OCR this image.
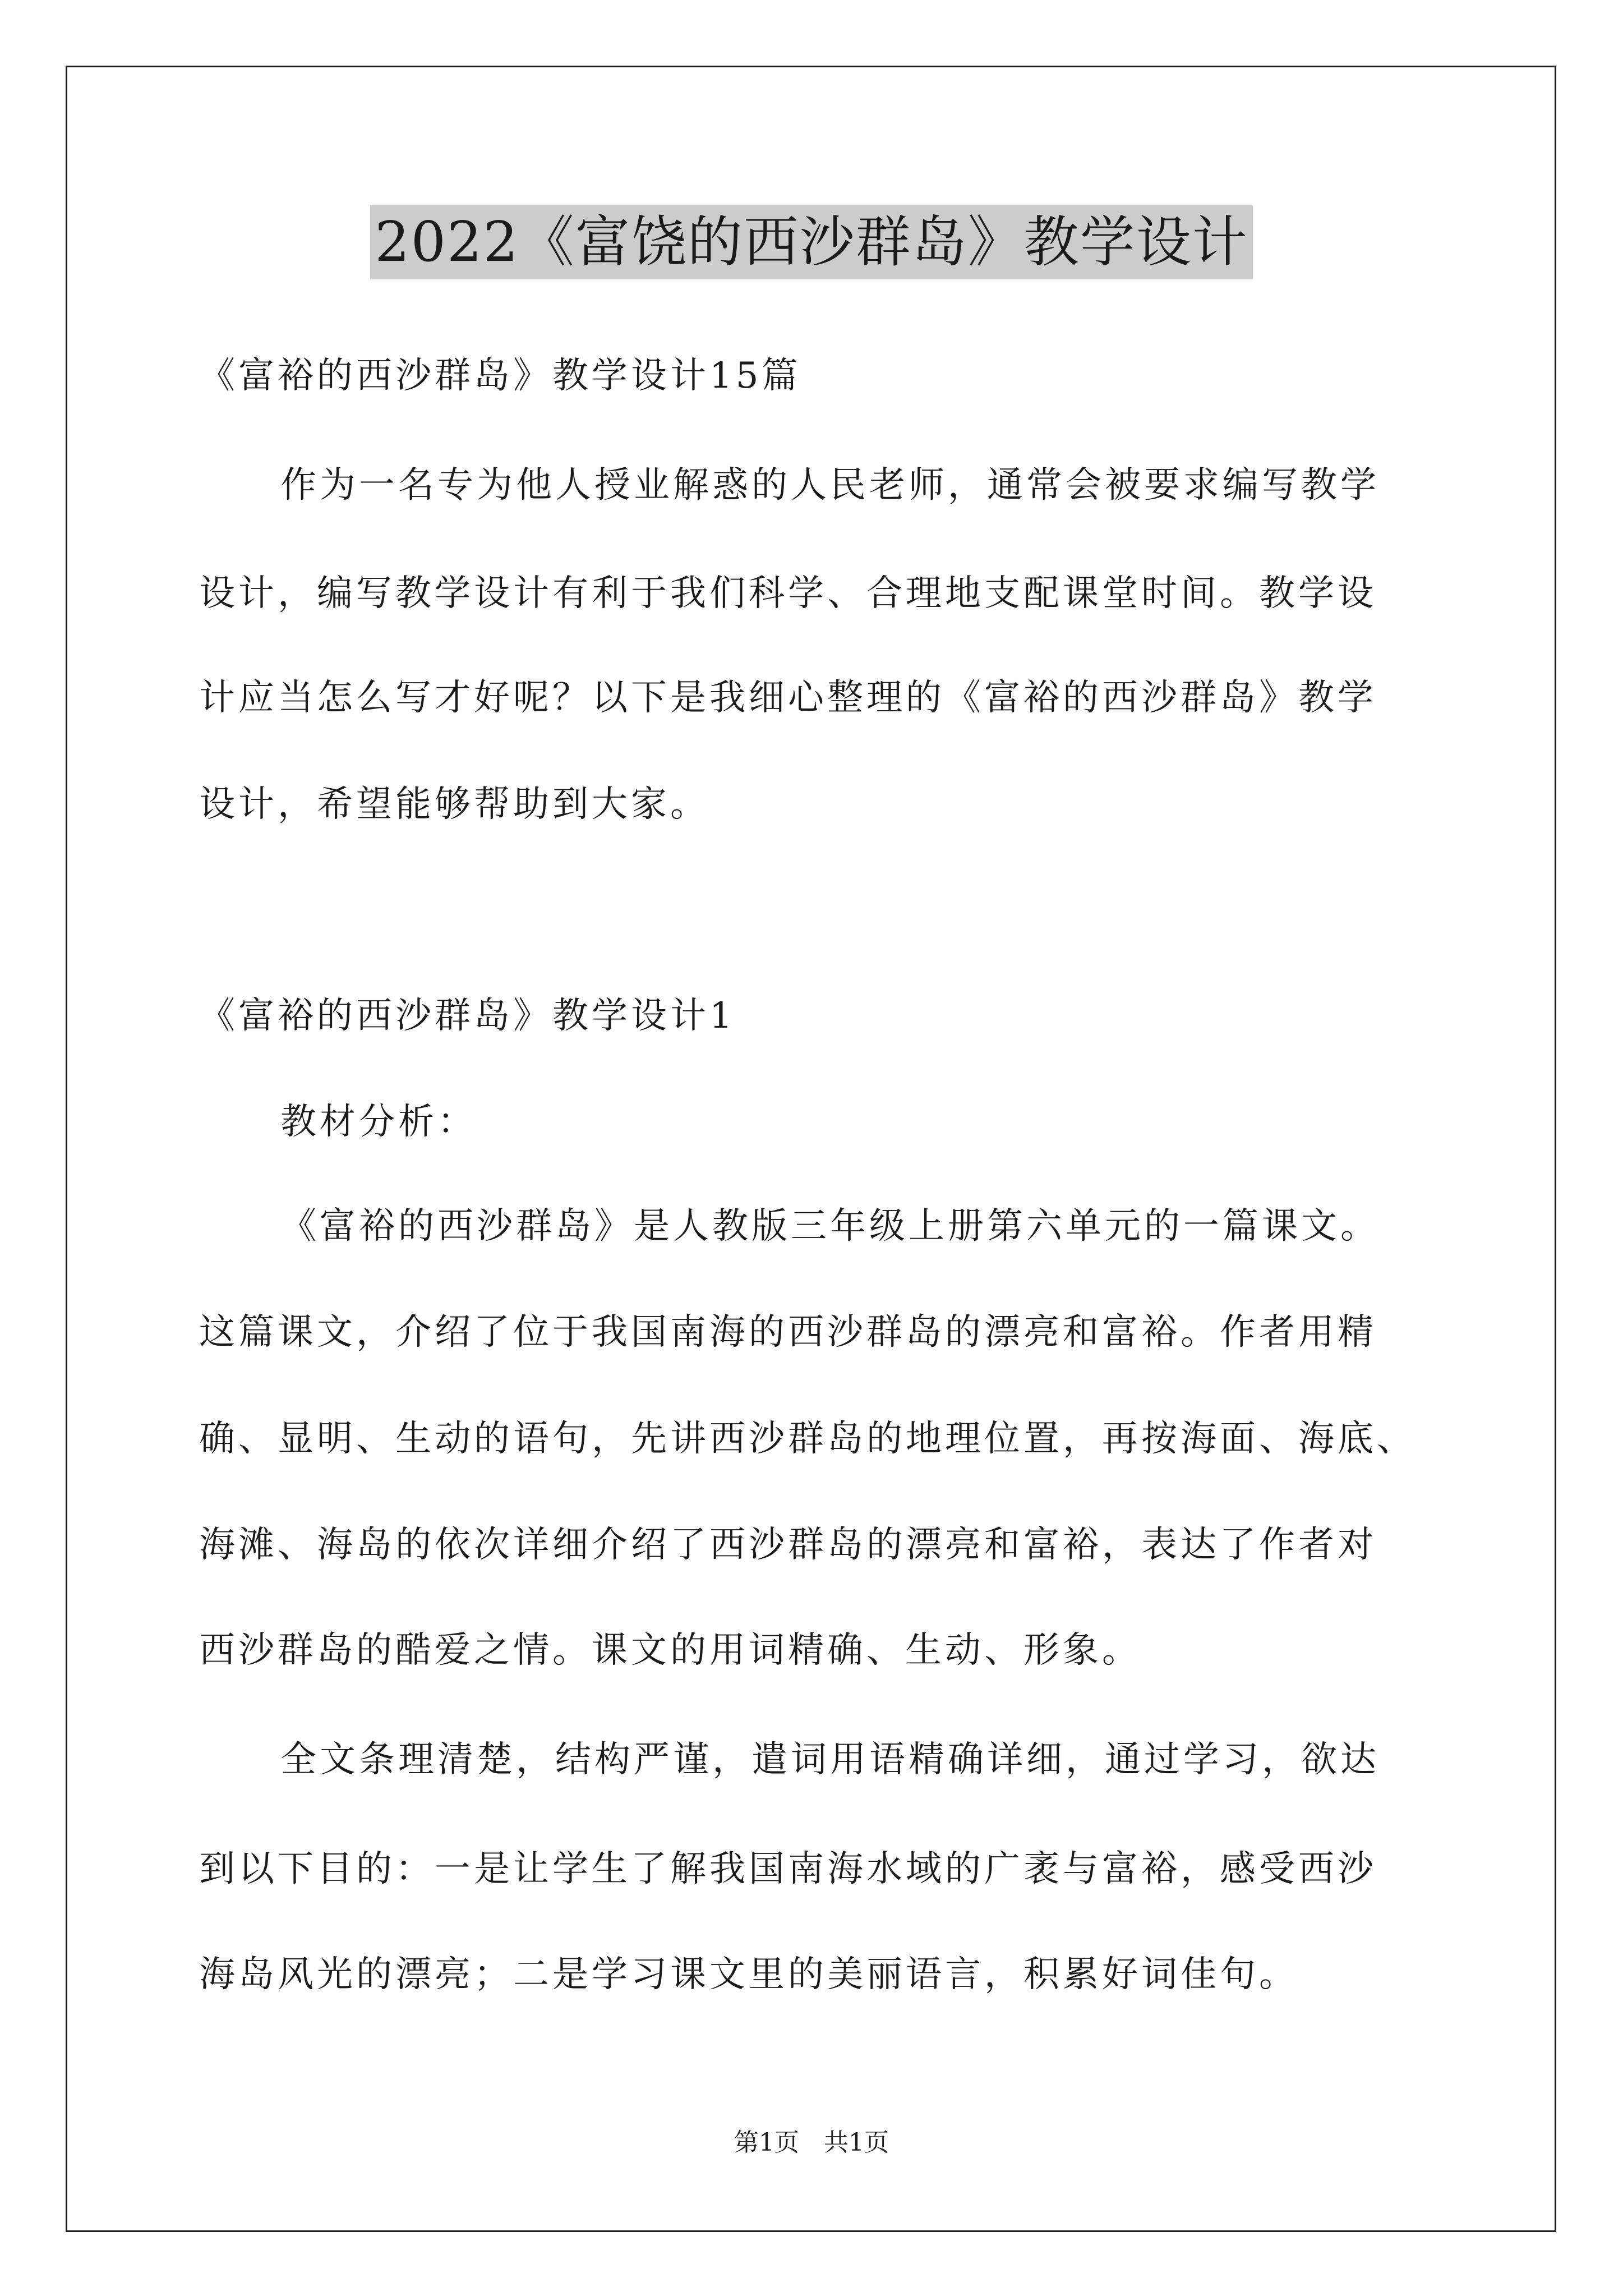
2022《富饶的西沙群岛》教学设计
《富裕的西沙群岛》教学设计15篇
作为一名专为他人授业解惑的人民老师，通常会被要求编写教学
设计，编写教学设计有利于我们科学、合理地支配课堂时间。教学设
计应当怎么写才好呢？以下是我细心整理的《富裕的西沙群岛》教学
设计，希望能够帮助到大家。
《富裕的西沙群岛》教学设计1
教材分析：
《富裕的西沙群岛》是人教版三年级上册第六单元的一篇课文。
这篇课文，介绍了位于我国南海的西沙群岛的漂亮和富裕。作者用精
确、显明、生动的语句，先讲西沙群岛的地理位置，再按海面、海底、
海滩、海岛的依次详细介绍了西沙群岛的漂亮和富裕，表达了作者对
西沙群岛的酷爱之情。课文的用词精确、生动、形象。
全文条理清楚，结构严谨，遣词用语精确详细，通过学习，欲达
到以下目的：一是让学生了解我国南海水域的广袤与富裕，感受西沙
海岛风光的漂亮；二是学习课文里的美丽语言，积累好词佳句。
第1页　共1页
